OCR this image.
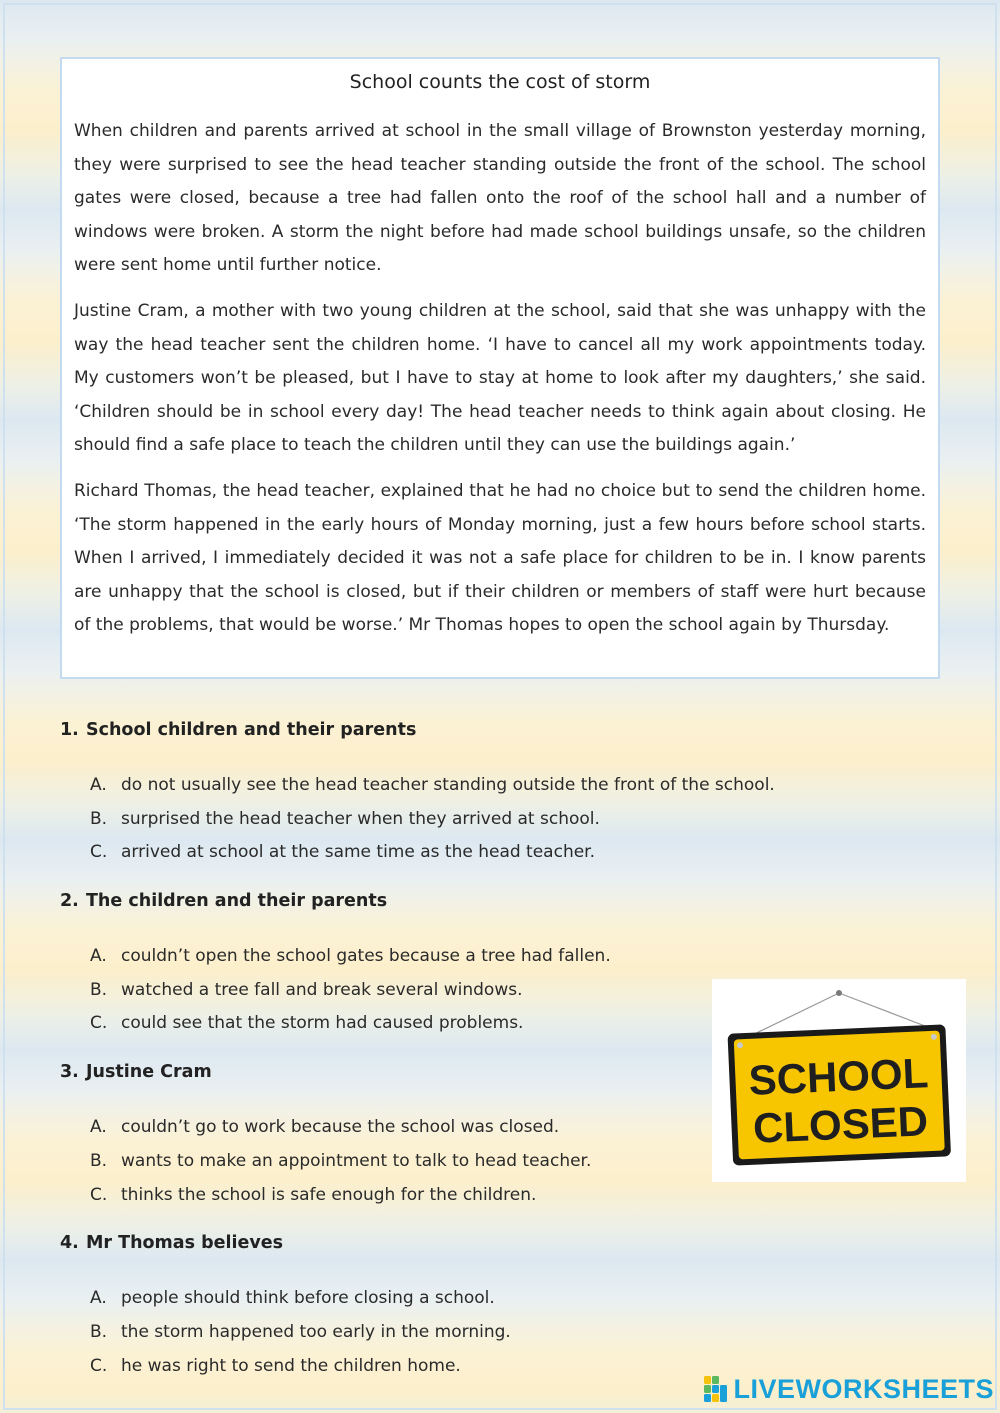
School counts the cost of storm

When children and parents arrived at school in the small village of Brownston yesterday morning, they were surprised to see the head teacher standing outside the front of the school. The school gates were closed, because a tree had fallen onto the roof of the school hall and a number of windows were broken. A storm the night before had made school buildings unsafe, so the children were sent home until further notice.

Justine Cram, a mother with two young children at the school, said that she was unhappy with the way the head teacher sent the children home. ‘I have to cancel all my work appointments today. My customers won’t be pleased, but I have to stay at home to look after my daughters,’ she said. ‘Children should be in school every day! The head teacher needs to think again about closing. He should find a safe place to teach the children until they can use the buildings again.’

Richard Thomas, the head teacher, explained that he had no choice but to send the children home. ‘The storm happened in the early hours of Monday morning, just a few hours before school starts. When I arrived, I immediately decided it was not a safe place for children to be in. I know parents are unhappy that the school is closed, but if their children or members of staff were hurt because of the problems, that would be worse.’ Mr Thomas hopes to open the school again by Thursday.

1. School children and their parents
A. do not usually see the head teacher standing outside the front of the school.
B. surprised the head teacher when they arrived at school.
C. arrived at school at the same time as the head teacher.
2. The children and their parents
A. couldn’t open the school gates because a tree had fallen.
B. watched a tree fall and break several windows.
C. could see that the storm had caused problems.
3. Justine Cram
A. couldn’t go to work because the school was closed.
B. wants to make an appointment to talk to head teacher.
C. thinks the school is safe enough for the children.
4. Mr Thomas believes
A. people should think before closing a school.
B. the storm happened too early in the morning.
C. he was right to send the children home.
SCHOOL
CLOSED
LIVEWORKSHEETS
